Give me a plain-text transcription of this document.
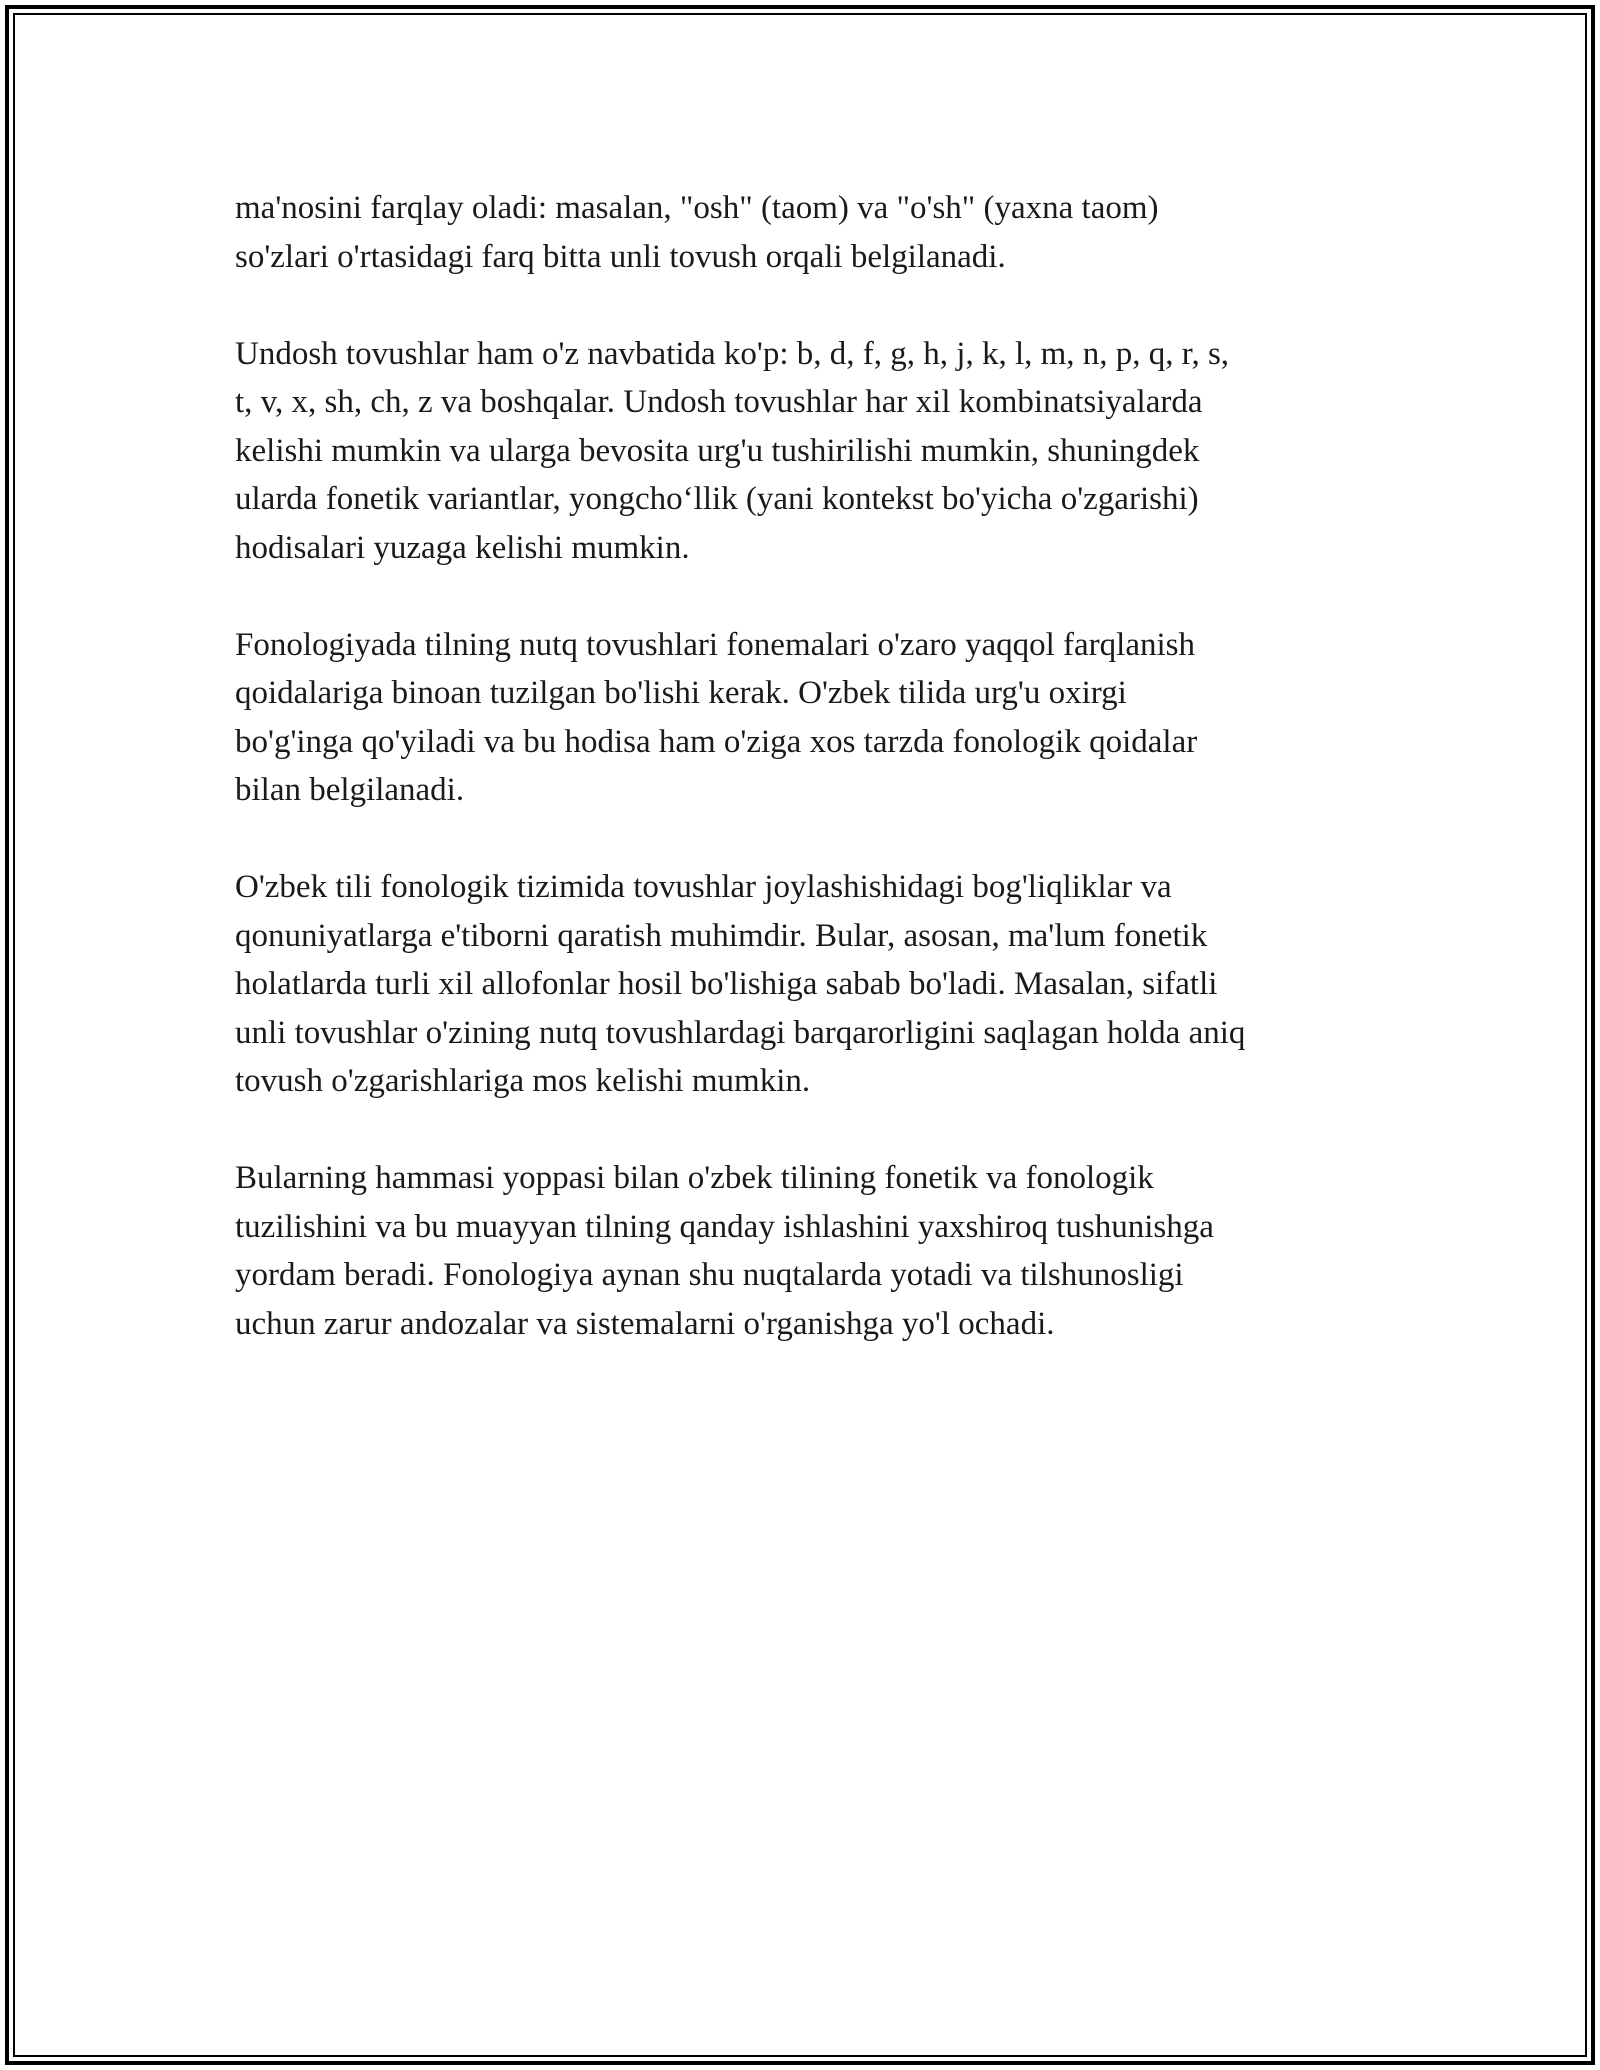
ma'nosini farqlay oladi: masalan, "osh" (taom) va "o'sh" (yaxna taom)
so'zlari o'rtasidagi farq bitta unli tovush orqali belgilanadi.
Undosh tovushlar ham o'z navbatida ko'p: b, d, f, g, h, j, k, l, m, n, p, q, r, s,
t, v, x, sh, ch, z va boshqalar. Undosh tovushlar har xil kombinatsiyalarda
kelishi mumkin va ularga bevosita urg'u tushirilishi mumkin, shuningdek
ularda fonetik variantlar, yongcho‘llik (yani kontekst bo'yicha o'zgarishi)
hodisalari yuzaga kelishi mumkin.
Fonologiyada tilning nutq tovushlari fonemalari o'zaro yaqqol farqlanish
qoidalariga binoan tuzilgan bo'lishi kerak. O'zbek tilida urg'u oxirgi
bo'g'inga qo'yiladi va bu hodisa ham o'ziga xos tarzda fonologik qoidalar
bilan belgilanadi.
O'zbek tili fonologik tizimida tovushlar joylashishidagi bog'liqliklar va
qonuniyatlarga e'tiborni qaratish muhimdir. Bular, asosan, ma'lum fonetik
holatlarda turli xil allofonlar hosil bo'lishiga sabab bo'ladi. Masalan, sifatli
unli tovushlar o'zining nutq tovushlardagi barqarorligini saqlagan holda aniq
tovush o'zgarishlariga mos kelishi mumkin.
Bularning hammasi yoppasi bilan o'zbek tilining fonetik va fonologik
tuzilishini va bu muayyan tilning qanday ishlashini yaxshiroq tushunishga
yordam beradi. Fonologiya aynan shu nuqtalarda yotadi va tilshunosligi
uchun zarur andozalar va sistemalarni o'rganishga yo'l ochadi.
